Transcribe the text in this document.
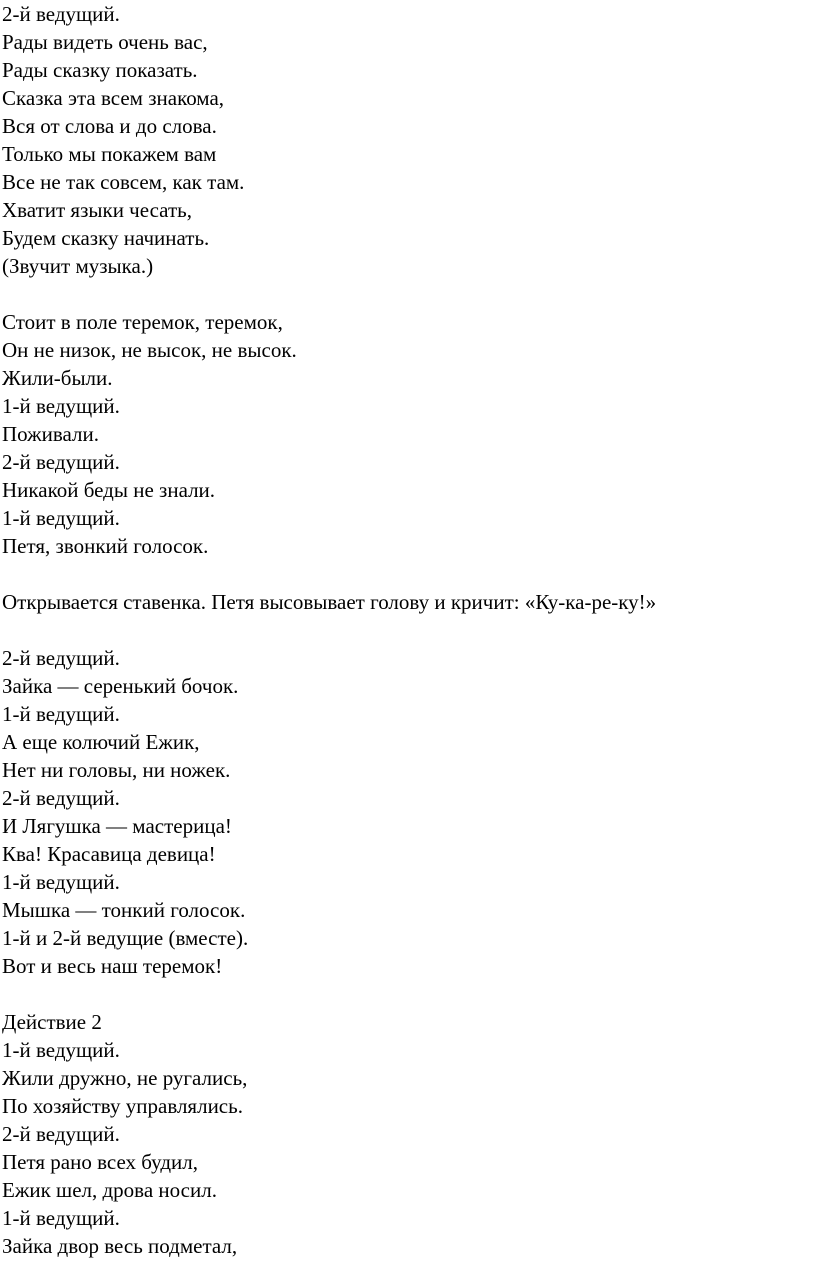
2-й ведущий.
Рады видеть очень вас,
Рады сказку показать.
Сказка эта всем знакома,
Вся от слова и до слова.
Только мы покажем вам
Все не так совсем, как там.
Хватит языки чесать,
Будем сказку начинать.
(Звучит музыка.)
Стоит в поле теремок, теремок,
Он не низок, не высок, не высок.
Жили-были.
1-й ведущий.
Поживали.
2-й ведущий.
Никакой беды не знали.
1-й ведущий.
Петя, звонкий голосок.
Открывается ставенка. Петя высовывает голову и кричит: «Ку-ка-ре-ку!»
2-й ведущий.
Зайка — серенький бочок.
1-й ведущий.
А еще колючий Ежик,
Нет ни головы, ни ножек.
2-й ведущий.
И Лягушка — мастерица!
Ква! Красавица девица!
1-й ведущий.
Мышка — тонкий голосок.
1-й и 2-й ведущие (вместе).
Вот и весь наш теремок!
Действие 2
1-й ведущий.
Жили дружно, не ругались,
По хозяйству управлялись.
2-й ведущий.
Петя рано всех будил,
Ежик шел, дрова носил.
1-й ведущий.
Зайка двор весь подметал,
